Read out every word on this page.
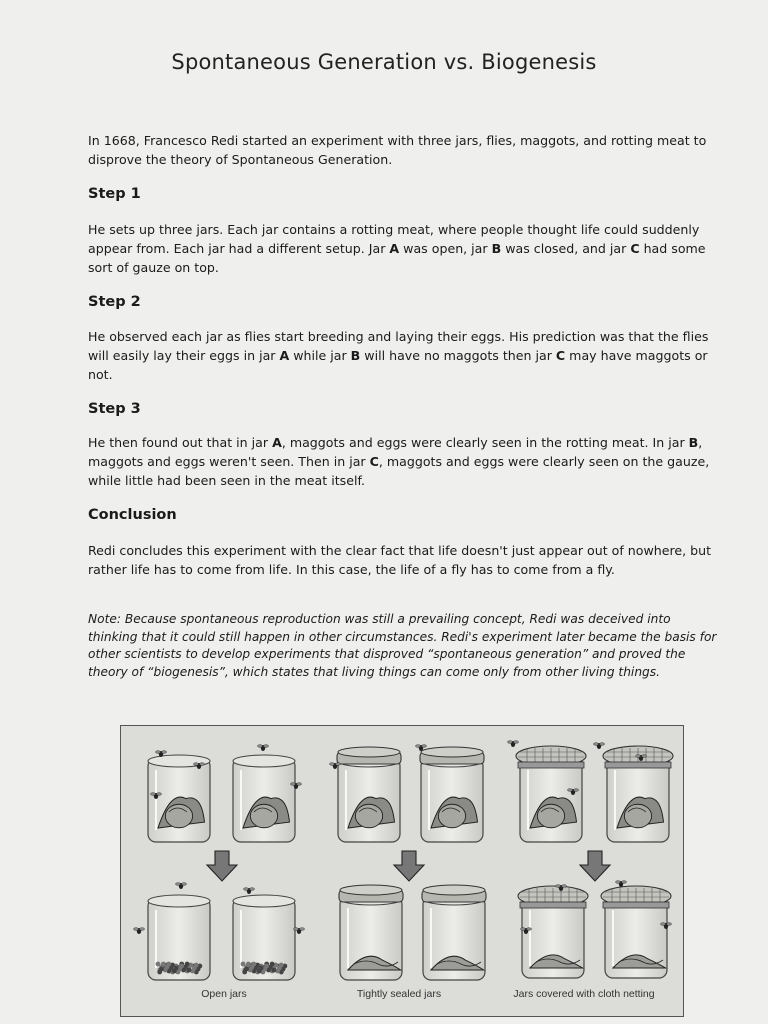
Spontaneous Generation vs. Biogenesis
In 1668, Francesco Redi started an experiment with three jars, flies, maggots, and rotting meat to disprove the theory of Spontaneous Generation.
Step 1
He sets up three jars. Each jar contains a rotting meat, where people thought life could suddenly appear from. Each jar had a different setup. Jar A was open, jar B was closed, and jar C had some sort of gauze on top.
Step 2
He observed each jar as flies start breeding and laying their eggs. His prediction was that the flies will easily lay their eggs in jar A while jar B will have no maggots then jar C may have maggots or not.
Step 3
He then found out that in jar A, maggots and eggs were clearly seen in the rotting meat. In jar B, maggots and eggs weren't seen. Then in jar C, maggots and eggs were clearly seen on the gauze, while little had been seen in the meat itself.
Conclusion
Redi concludes this experiment with the clear fact that life doesn't just appear out of nowhere, but rather life has to come from life. In this case, the life of a fly has to come from a fly.
Note: Because spontaneous reproduction was still a prevailing concept, Redi was deceived into thinking that it could still happen in other circumstances. Redi's experiment later became the basis for other scientists to develop experiments that disproved “spontaneous generation” and proved the theory of “biogenesis”, which states that living things can come only from other living things.
Open jars	Tightly sealed jars	Jars covered with cloth netting
